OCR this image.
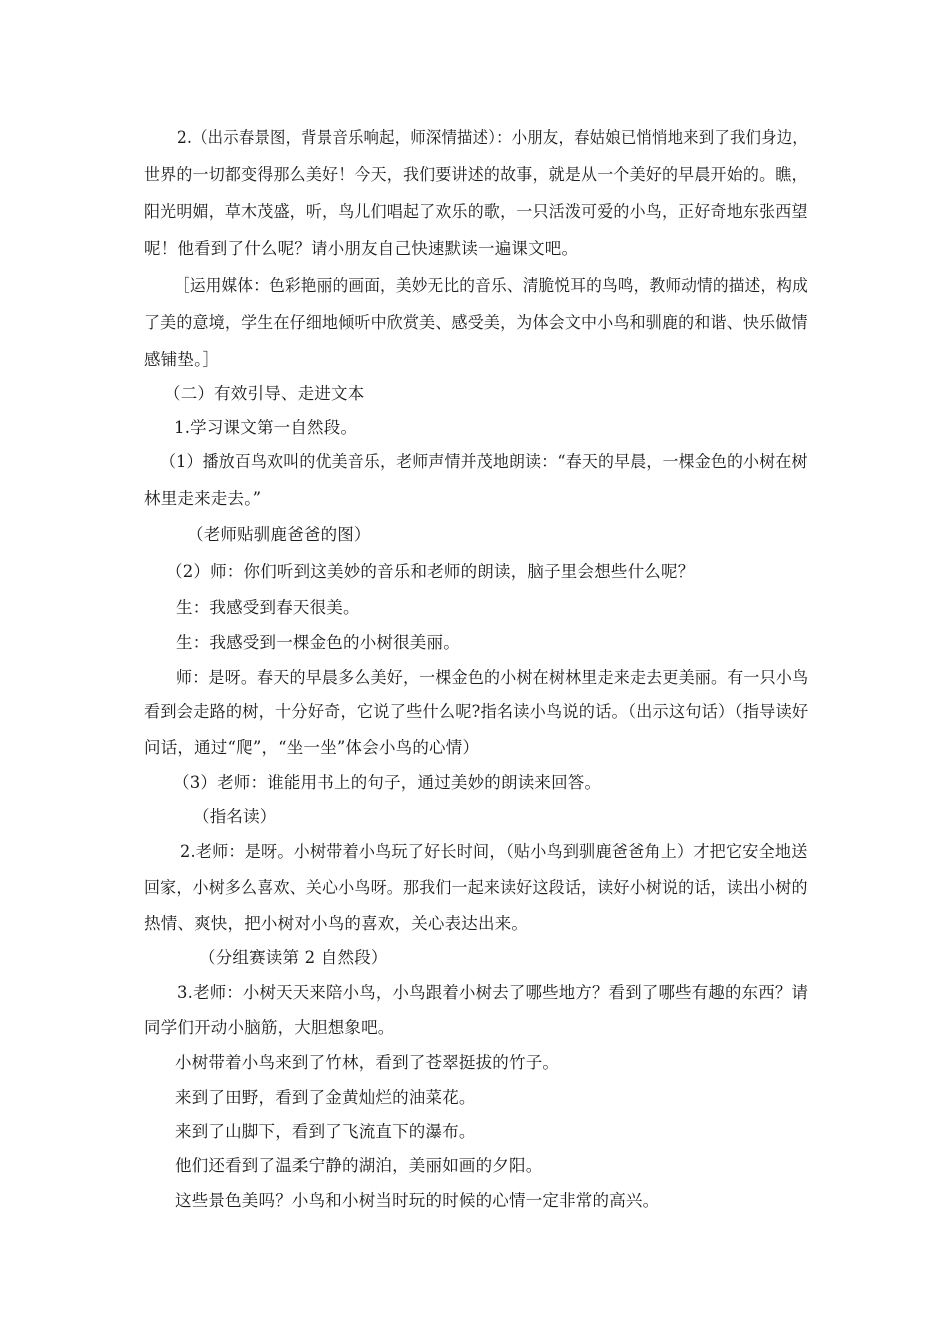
2.（出示春景图，背景音乐响起，师深情描述）：小朋友，春姑娘已悄悄地来到了我们身边，
世界的一切都变得那么美好！今天，我们要讲述的故事，就是从一个美好的早晨开始的。瞧，
阳光明媚，草木茂盛，听，鸟儿们唱起了欢乐的歌，一只活泼可爱的小鸟，正好奇地东张西望
呢！他看到了什么呢？请小朋友自己快速默读一遍课文吧。
［运用媒体：色彩艳丽的画面，美妙无比的音乐、清脆悦耳的鸟鸣，教师动情的描述，构成
了美的意境，学生在仔细地倾听中欣赏美、感受美，为体会文中小鸟和驯鹿的和谐、快乐做情
感铺垫。］
（二）有效引导、走进文本
1.学习课文第一自然段。
（1）播放百鸟欢叫的优美音乐，老师声情并茂地朗读：“春天的早晨，一棵金色的小树在树
林里走来走去。”
（老师贴驯鹿爸爸的图）
（2）师：你们听到这美妙的音乐和老师的朗读，脑子里会想些什么呢？
生：我感受到春天很美。
生：我感受到一棵金色的小树很美丽。
师：是呀。春天的早晨多么美好，一棵金色的小树在树林里走来走去更美丽。有一只小鸟
看到会走路的树，十分好奇，它说了些什么呢?指名读小鸟说的话。（出示这句话）（指导读好
问话，通过“爬”，“坐一坐”体会小鸟的心情）
（3）老师：谁能用书上的句子，通过美妙的朗读来回答。
（指名读）
2.老师：是呀。小树带着小鸟玩了好长时间，（贴小鸟到驯鹿爸爸角上）才把它安全地送
回家，小树多么喜欢、关心小鸟呀。那我们一起来读好这段话，读好小树说的话，读出小树的
热情、爽快，把小树对小鸟的喜欢，关心表达出来。
（分组赛读第 2 自然段）
3.老师：小树天天来陪小鸟，小鸟跟着小树去了哪些地方？看到了哪些有趣的东西？请
同学们开动小脑筋，大胆想象吧。
小树带着小鸟来到了竹林，看到了苍翠挺拔的竹子。
来到了田野，看到了金黄灿烂的油菜花。
来到了山脚下，看到了飞流直下的瀑布。
他们还看到了温柔宁静的湖泊，美丽如画的夕阳。
这些景色美吗？小鸟和小树当时玩的时候的心情一定非常的高兴。
